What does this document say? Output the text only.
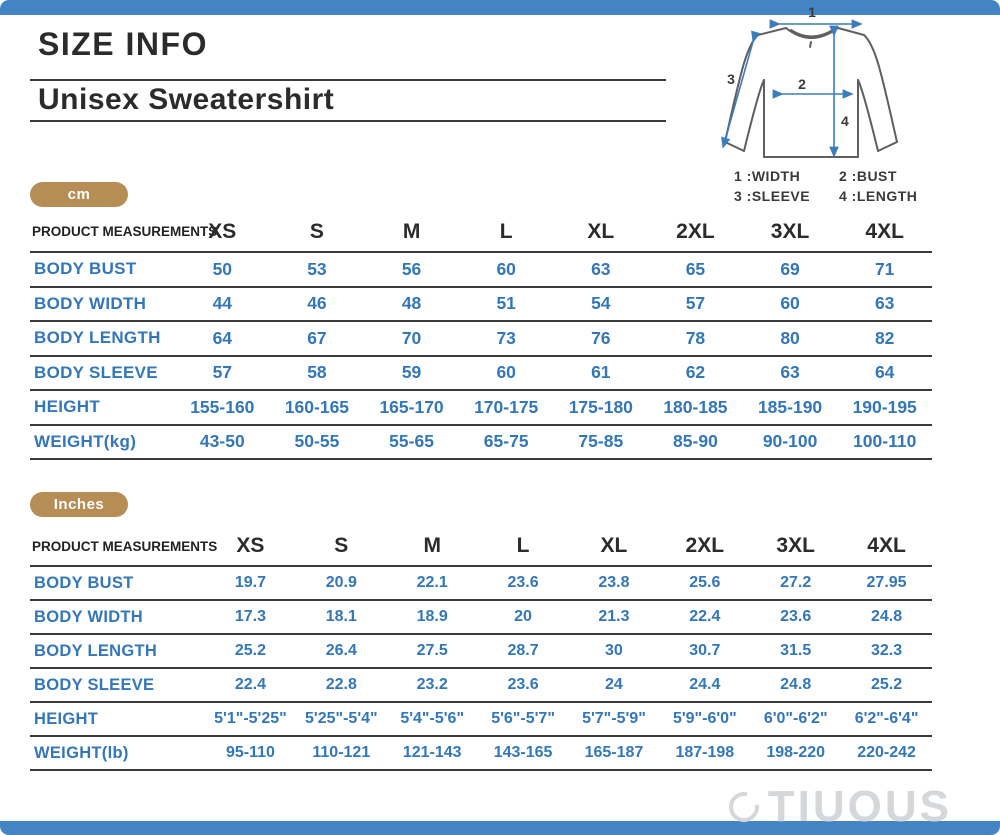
SIZE INFO
Unisex Sweatershirt
1
2
3
4
1 :WIDTH	2 :BUST
3 :SLEEVE	4 :LENGTH
cm
PRODUCT MEASUREMENTS	XS	S	M	L	XL	2XL	3XL	4XL
BODY BUST	50	53	56	60	63	65	69	71
BODY WIDTH	44	46	48	51	54	57	60	63
BODY LENGTH	64	67	70	73	76	78	80	82
BODY SLEEVE	57	58	59	60	61	62	63	64
HEIGHT	155-160	160-165	165-170	170-175	175-180	180-185	185-190	190-195
WEIGHT(kg)	43-50	50-55	55-65	65-75	75-85	85-90	90-100	100-110
Inches
PRODUCT MEASUREMENTS	XS	S	M	L	XL	2XL	3XL	4XL
BODY BUST	19.7	20.9	22.1	23.6	23.8	25.6	27.2	27.95
BODY WIDTH	17.3	18.1	18.9	20	21.3	22.4	23.6	24.8
BODY LENGTH	25.2	26.4	27.5	28.7	30	30.7	31.5	32.3
BODY SLEEVE	22.4	22.8	23.2	23.6	24	24.4	24.8	25.2
HEIGHT	5'1"-5'25"	5'25"-5'4"	5'4"-5'6"	5'6"-5'7"	5'7"-5'9"	5'9"-6'0"	6'0"-6'2"	6'2"-6'4"
WEIGHT(lb)	95-110	110-121	121-143	143-165	165-187	187-198	198-220	220-242
TIUOUS
